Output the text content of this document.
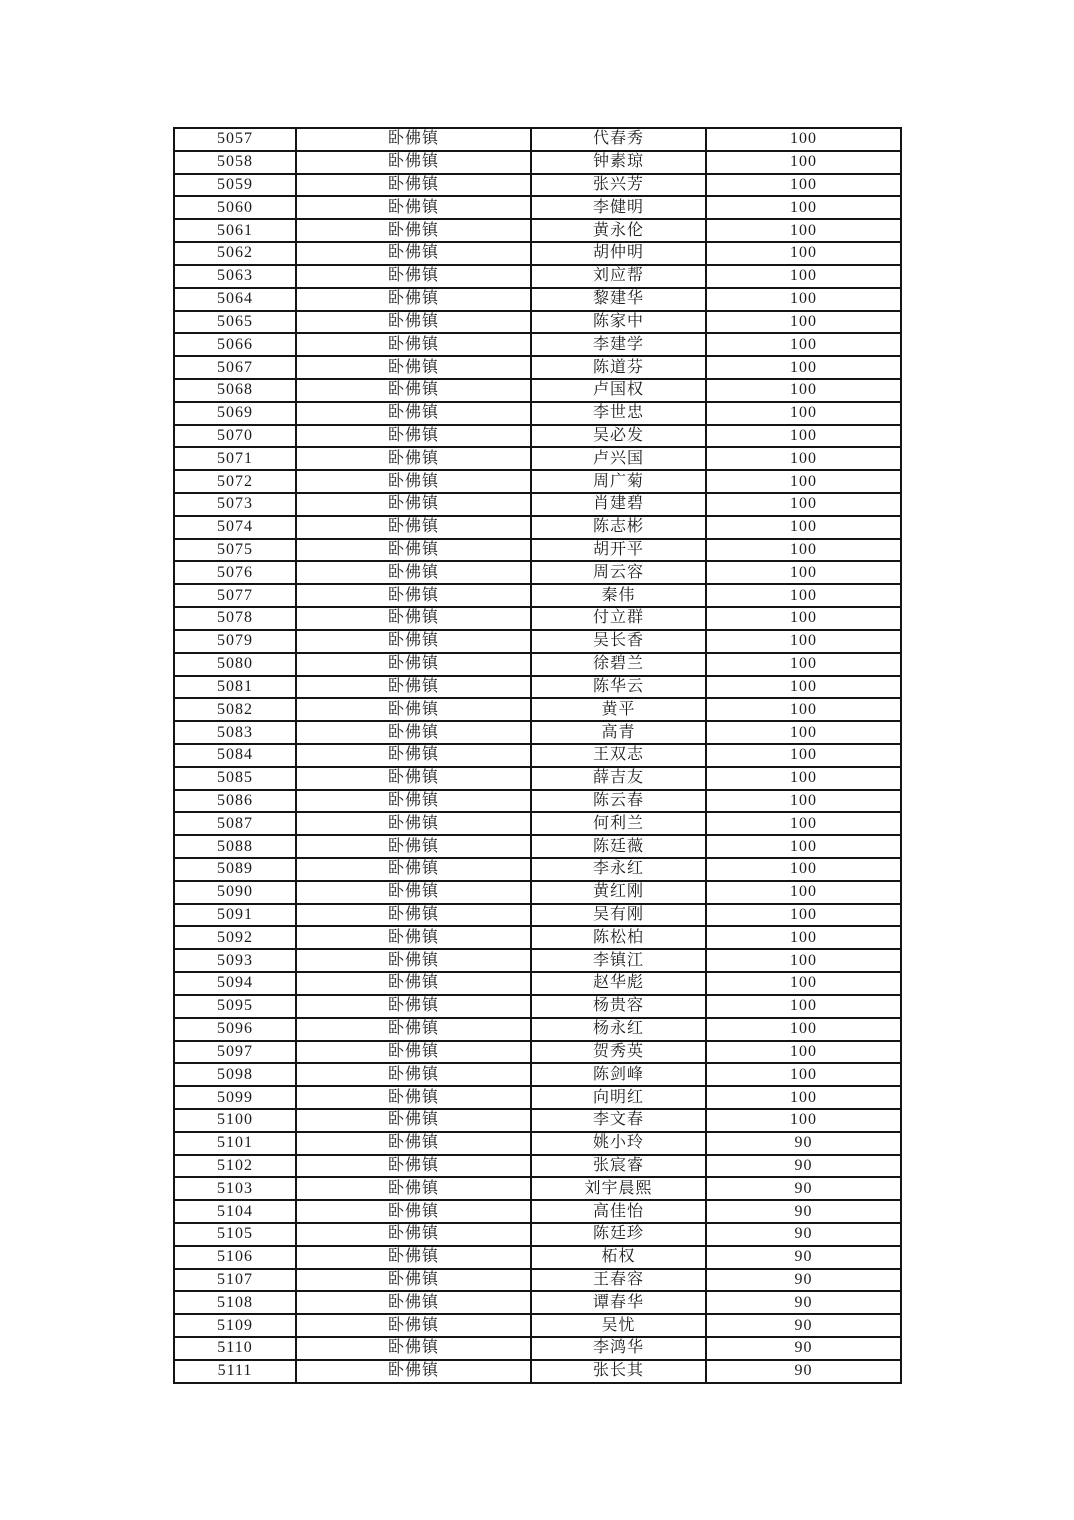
5057	卧佛镇	代春秀	100
5058	卧佛镇	钟素琼	100
5059	卧佛镇	张兴芳	100
5060	卧佛镇	李健明	100
5061	卧佛镇	黄永伦	100
5062	卧佛镇	胡仲明	100
5063	卧佛镇	刘应帮	100
5064	卧佛镇	黎建华	100
5065	卧佛镇	陈家中	100
5066	卧佛镇	李建学	100
5067	卧佛镇	陈道芬	100
5068	卧佛镇	卢国权	100
5069	卧佛镇	李世忠	100
5070	卧佛镇	吴必发	100
5071	卧佛镇	卢兴国	100
5072	卧佛镇	周广菊	100
5073	卧佛镇	肖建碧	100
5074	卧佛镇	陈志彬	100
5075	卧佛镇	胡开平	100
5076	卧佛镇	周云容	100
5077	卧佛镇	秦伟	100
5078	卧佛镇	付立群	100
5079	卧佛镇	吴长香	100
5080	卧佛镇	徐碧兰	100
5081	卧佛镇	陈华云	100
5082	卧佛镇	黄平	100
5083	卧佛镇	高青	100
5084	卧佛镇	王双志	100
5085	卧佛镇	薛吉友	100
5086	卧佛镇	陈云春	100
5087	卧佛镇	何利兰	100
5088	卧佛镇	陈廷薇	100
5089	卧佛镇	李永红	100
5090	卧佛镇	黄红刚	100
5091	卧佛镇	吴有刚	100
5092	卧佛镇	陈松柏	100
5093	卧佛镇	李镇江	100
5094	卧佛镇	赵华彪	100
5095	卧佛镇	杨贵容	100
5096	卧佛镇	杨永红	100
5097	卧佛镇	贺秀英	100
5098	卧佛镇	陈剑峰	100
5099	卧佛镇	向明红	100
5100	卧佛镇	李文春	100
5101	卧佛镇	姚小玲	90
5102	卧佛镇	张宸睿	90
5103	卧佛镇	刘宇晨熙	90
5104	卧佛镇	高佳怡	90
5105	卧佛镇	陈廷珍	90
5106	卧佛镇	柘权	90
5107	卧佛镇	王春容	90
5108	卧佛镇	谭春华	90
5109	卧佛镇	吴忧	90
5110	卧佛镇	李鸿华	90
5111	卧佛镇	张长其	90
